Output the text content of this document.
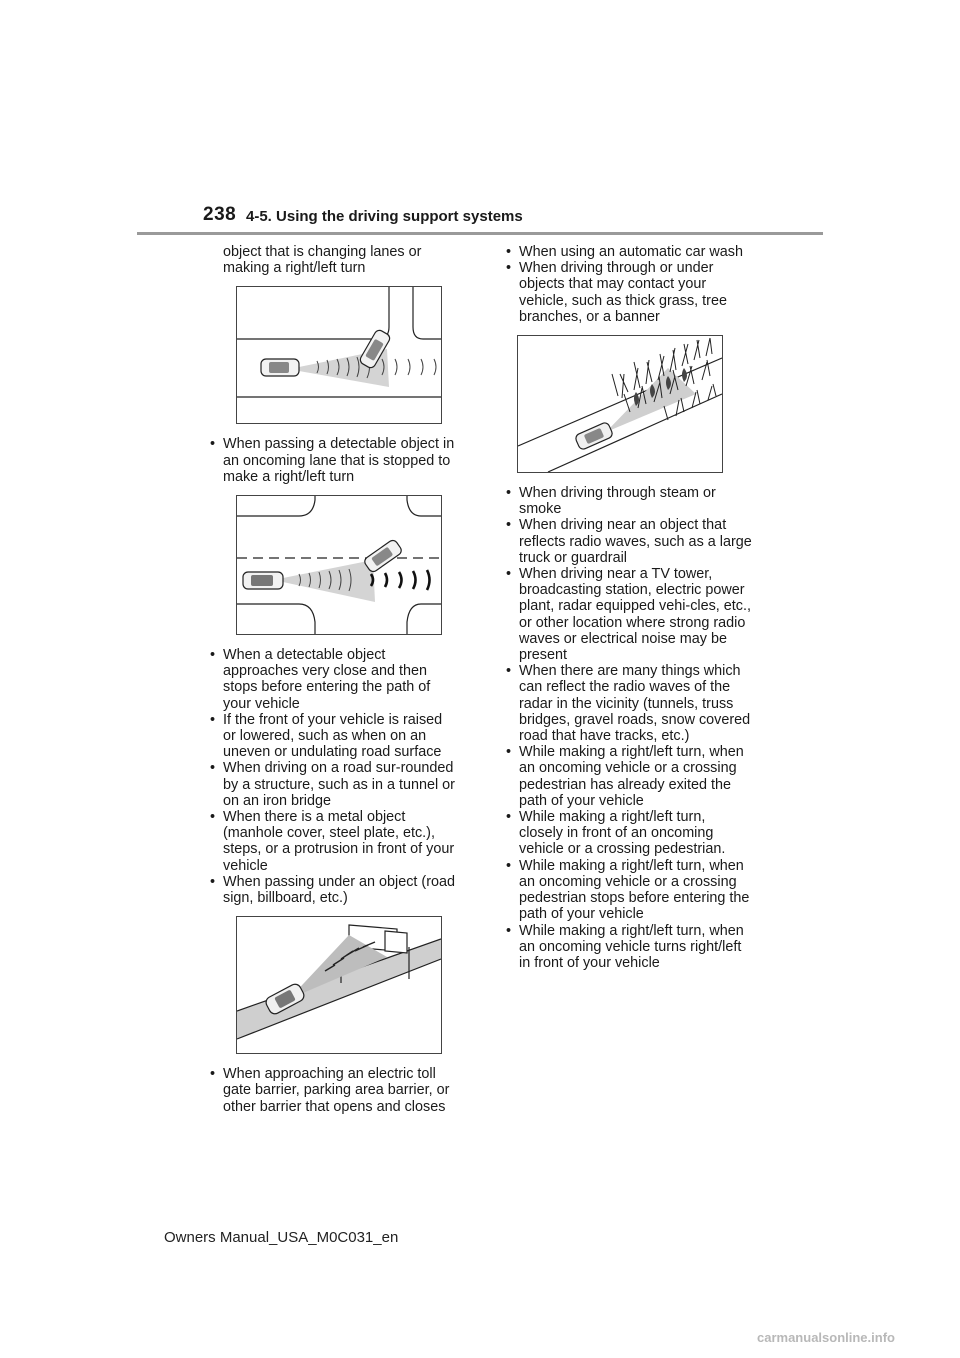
238 4-5. Using the driving support systems

object that is changing lanes or making a right/left turn

• When passing a detectable object in an oncoming lane that is stopped to make a right/left turn
• When a detectable object approaches very close and then stops before entering the path of your vehicle
• If the front of your vehicle is raised or lowered, such as when on an uneven or undulating road surface
• When driving on a road sur-rounded by a structure, such as in a tunnel or on an iron bridge
• When there is a metal object (manhole cover, steel plate, etc.), steps, or a protrusion in front of your vehicle
• When passing under an object (road sign, billboard, etc.)
• When approaching an electric toll gate barrier, parking area barrier, or other barrier that opens and closes
• When using an automatic car wash
• When driving through or under objects that may contact your vehicle, such as thick grass, tree branches, or a banner
• When driving through steam or smoke
• When driving near an object that reflects radio waves, such as a large truck or guardrail
• When driving near a TV tower, broadcasting station, electric power plant, radar equipped vehi-cles, etc., or other location where strong radio waves or electrical noise may be present
• When there are many things which can reflect the radio waves of the radar in the vicinity (tunnels, truss bridges, gravel roads, snow covered road that have tracks, etc.)
• While making a right/left turn, when an oncoming vehicle or a crossing pedestrian has already exited the path of your vehicle
• While making a right/left turn, closely in front of an oncoming vehicle or a crossing pedestrian.
• While making a right/left turn, when an oncoming vehicle or a crossing pedestrian stops before entering the path of your vehicle
• While making a right/left turn, when an oncoming vehicle turns right/left in front of your vehicle
Owners Manual_USA_M0C031_en
carmanualsonline.info
